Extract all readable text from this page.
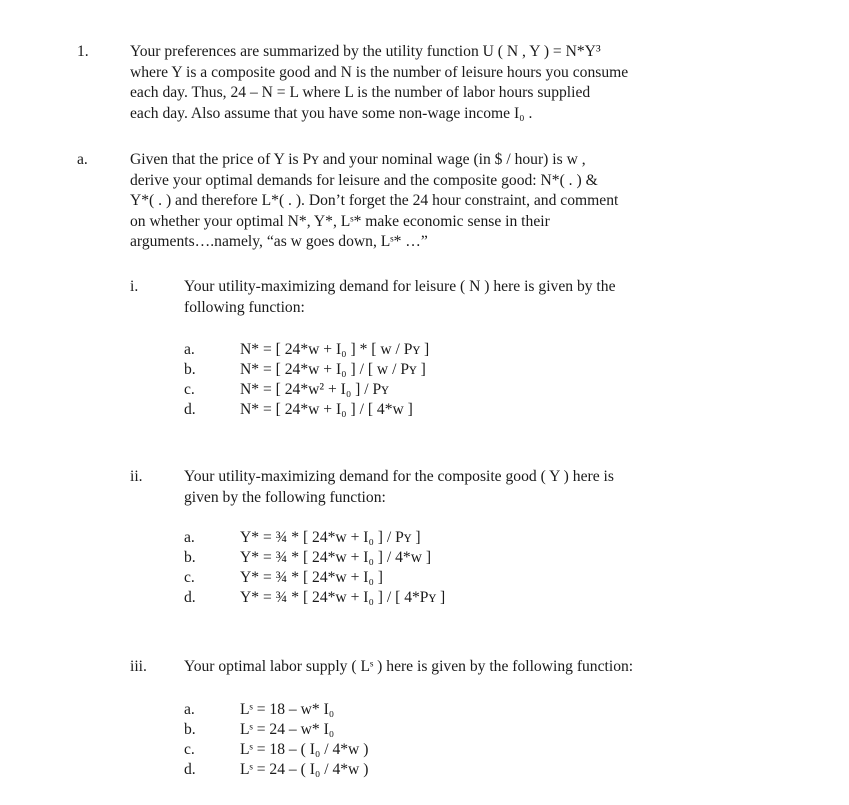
1.	Your preferences are summarized by the utility function U ( N , Y ) = N*Y³
where Y is a composite good and N is the number of leisure hours you consume
each day. Thus, 24 – N = L where L is the number of labor hours supplied
each day. Also assume that you have some non-wage income I₀ .
a.	Given that the price of Y is Pʏ and your nominal wage (in $ / hour) is w ,
derive your optimal demands for leisure and the composite good: N*( . ) &
Y*( . ) and therefore L*( . ). Don’t forget the 24 hour constraint, and comment
on whether your optimal N*, Y*, Lˢ* make economic sense in their
arguments….namely, “as w goes down, Lˢ* …”
i.	Your utility-maximizing demand for leisure ( N ) here is given by the
following function:
a.	N* = [ 24*w + I₀ ] * [ w / Pʏ ]
b.	N* = [ 24*w + I₀ ] / [ w / Pʏ ]
c.	N* = [ 24*w² + I₀ ] / Pʏ
d.	N* = [ 24*w + I₀ ] / [ 4*w ]
ii.	Your utility-maximizing demand for the composite good ( Y ) here is
given by the following function:
a.	Y* = ¾ * [ 24*w + I₀ ] / Pʏ ]
b.	Y* = ¾ * [ 24*w + I₀ ] / 4*w ]
c.	Y* = ¾ * [ 24*w + I₀ ]
d.	Y* = ¾ * [ 24*w + I₀ ] / [ 4*Pʏ ]
iii. Your optimal labor supply ( Lˢ ) here is given by the following function:
a.	Lˢ = 18 – w* I₀
b.	Lˢ = 24 – w* I₀
c.	Lˢ = 18 – ( I₀ / 4*w )
d.	Lˢ = 24 – ( I₀ / 4*w )
